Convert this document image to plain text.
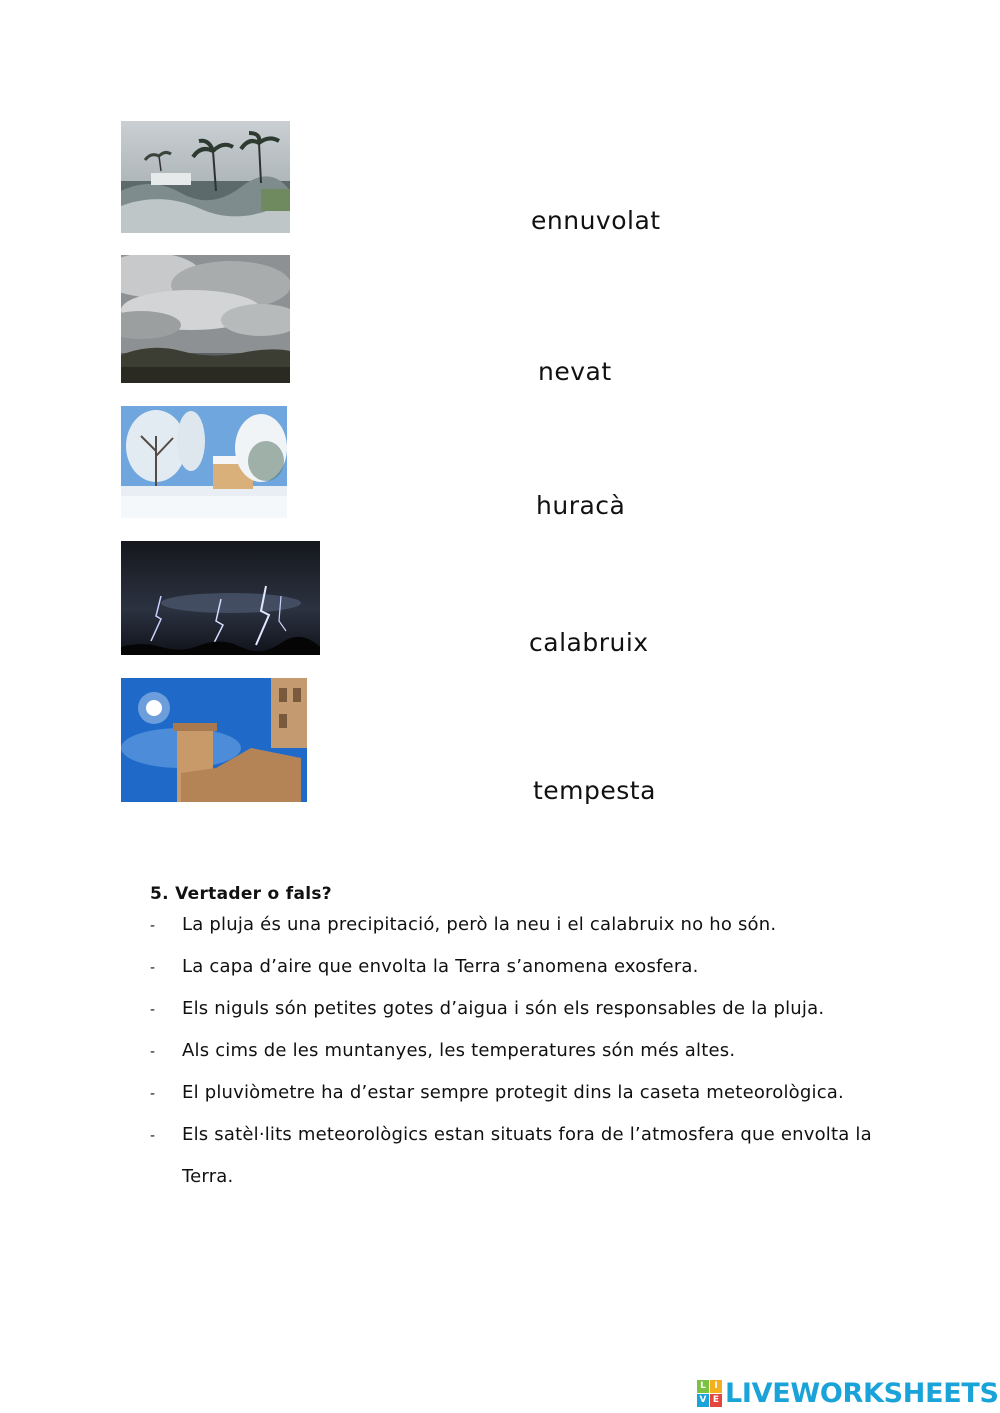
ennuvolat
nevat
huracà
calabruix
tempesta
5. Vertader o fals?
- La pluja és una precipitació, però la neu i el calabruix no ho són.
- La capa d’aire que envolta la Terra s’anomena exosfera.
- Els niguls són petites gotes d’aigua i són els responsables de la pluja.
- Als cims de les muntanyes, les temperatures són més altes.
- El pluviòmetre ha d’estar sempre protegit dins la caseta meteorològica.
- Els satèl·lits meteorològics estan situats fora de l’atmosfera que envolta la
Terra.
L I
V E LIVEWORKSHEETS
